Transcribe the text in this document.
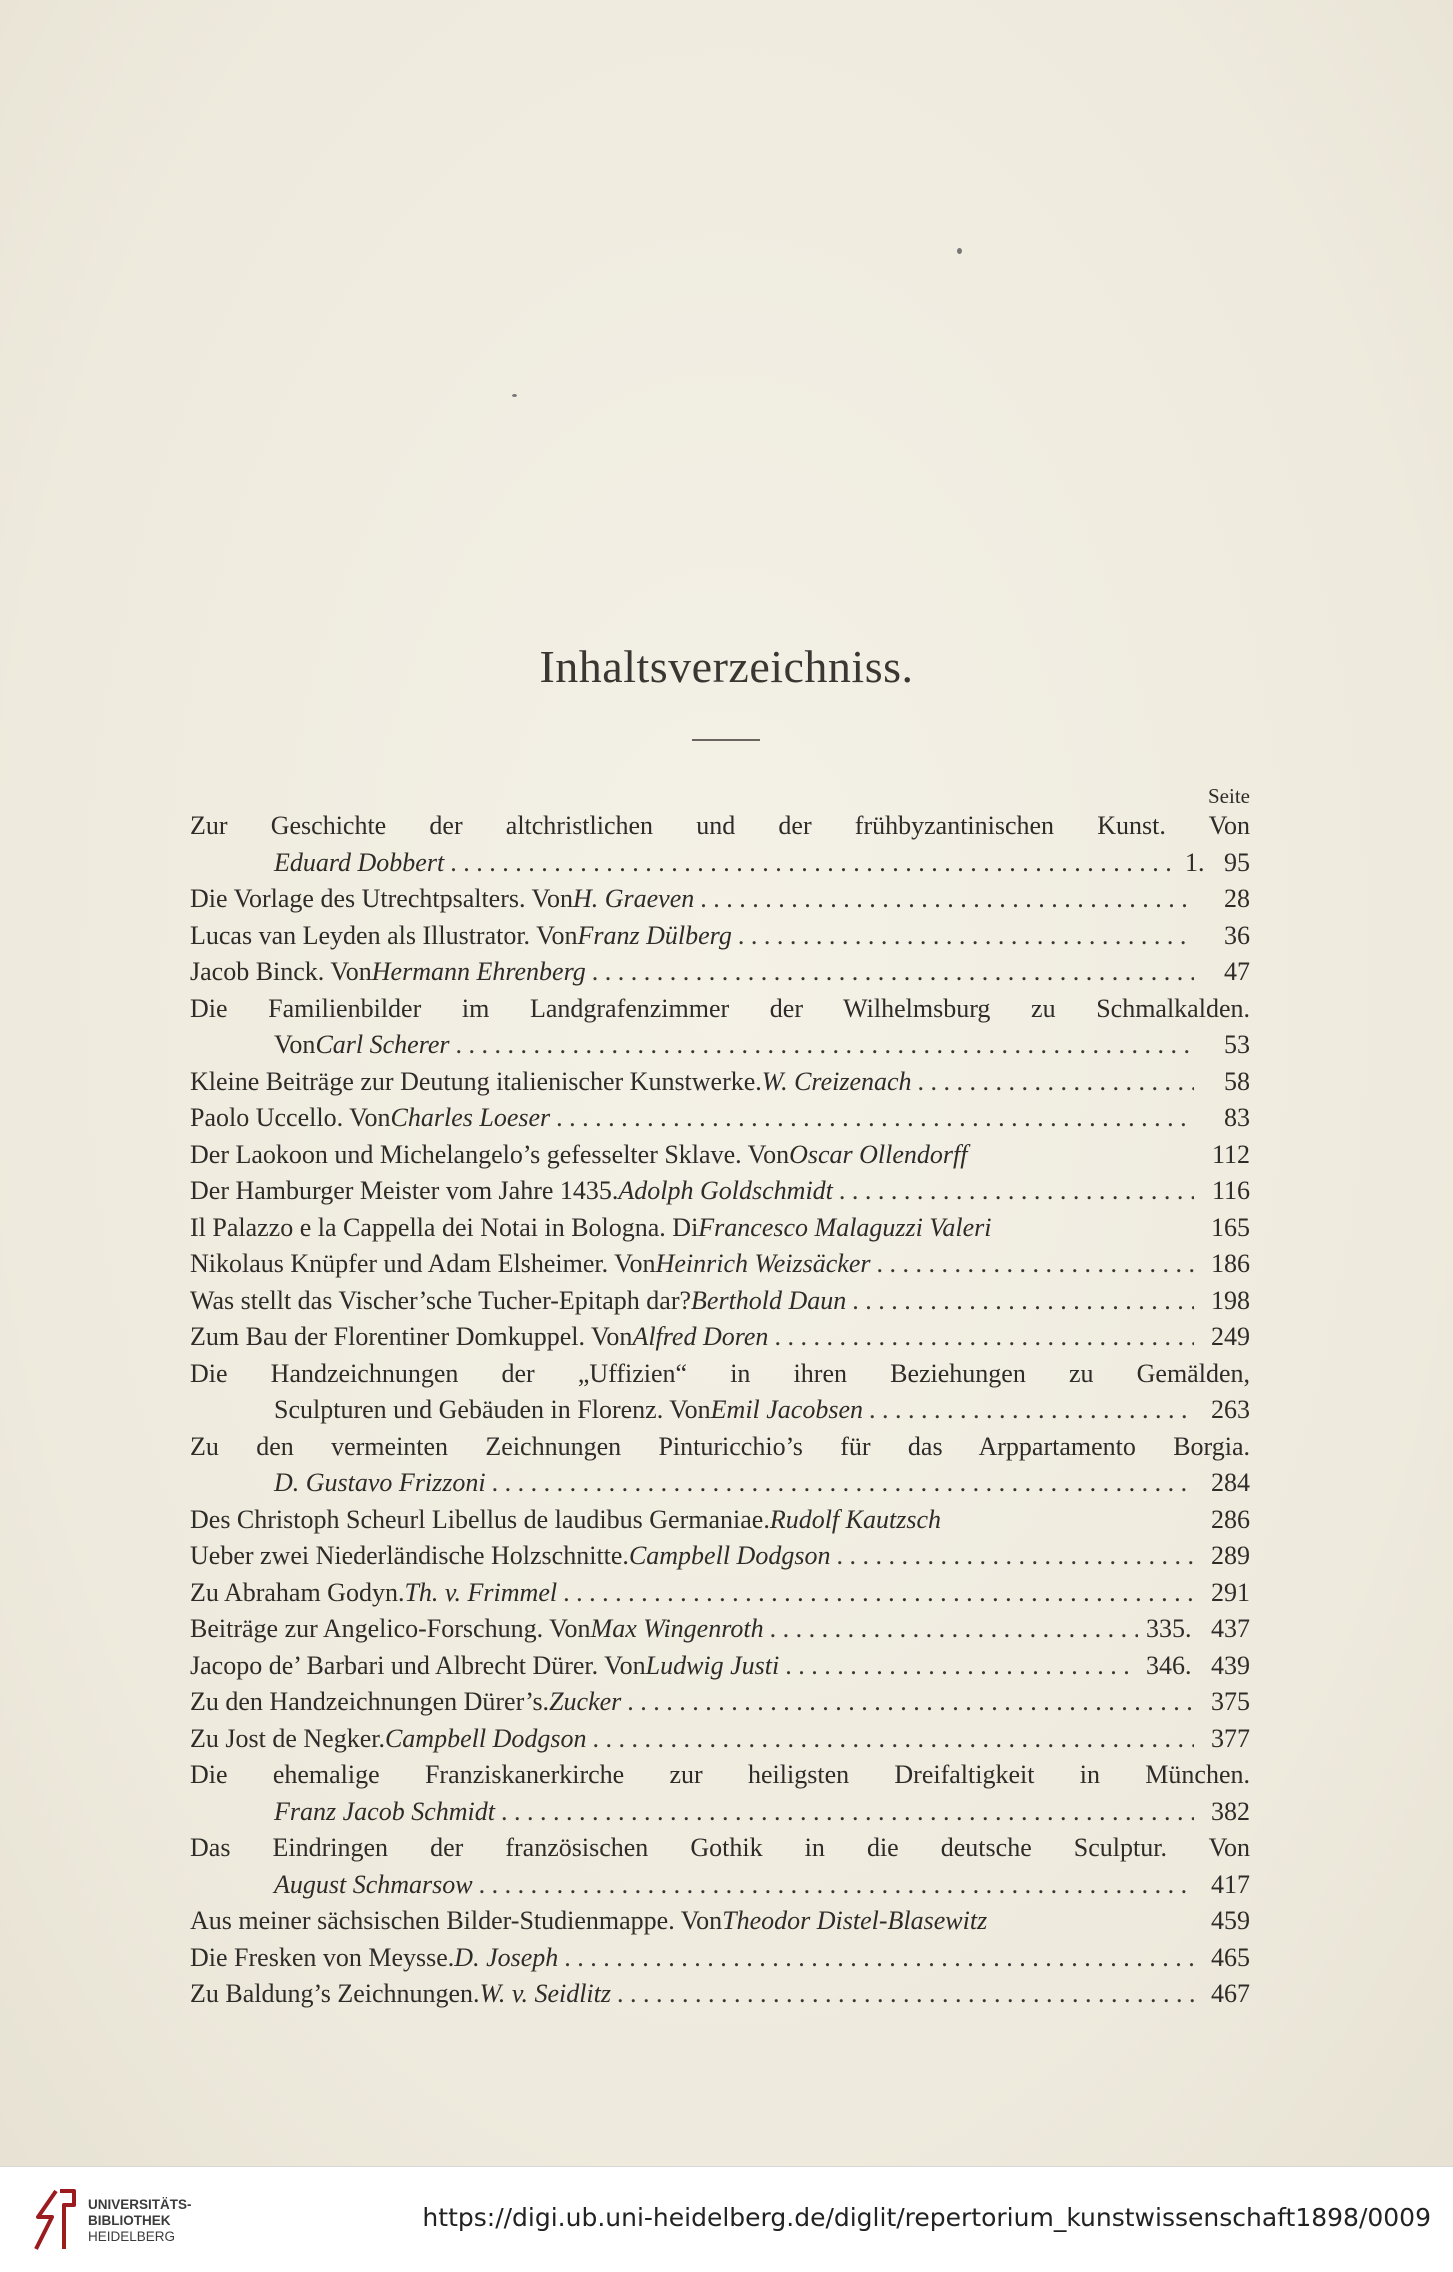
Inhaltsverzeichniss.
Seite
Zur Geschichte der altchristlichen und der frühbyzantinischen Kunst. Von
Eduard Dobbert . . .	1.   95
Die Vorlage des Utrechtpsalters. Von H. Graeven . . .	28
Lucas van Leyden als Illustrator. Von Franz Dülberg . . .	36
Jacob Binck. Von Hermann Ehrenberg . . .	47
Die Familienbilder im Landgrafenzimmer der Wilhelmsburg zu Schmalkalden.
Von Carl Scherer . . .	53
Kleine Beiträge zur Deutung italienischer Kunstwerke. W. Creizenach . . .	58
Paolo Uccello. Von Charles Loeser . . .	83
Der Laokoon und Michelangelo’s gefesselter Sklave. Von Oscar Ollendorff	112
Der Hamburger Meister vom Jahre 1435. Adolph Goldschmidt . . .	116
Il Palazzo e la Cappella dei Notai in Bologna. Di Francesco Malaguzzi Valeri	165
Nikolaus Knüpfer und Adam Elsheimer. Von Heinrich Weizsäcker . . .	186
Was stellt das Vischer’sche Tucher-Epitaph dar? Berthold Daun . . .	198
Zum Bau der Florentiner Domkuppel. Von Alfred Doren . . .	249
Die Handzeichnungen der „Uffizien“ in ihren Beziehungen zu Gemälden,
Sculpturen und Gebäuden in Florenz. Von Emil Jacobsen . . .	263
Zu den vermeinten Zeichnungen Pinturicchio’s für das Arppartamento Borgia.
D. Gustavo Frizzoni . . .	284
Des Christoph Scheurl Libellus de laudibus Germaniae. Rudolf Kautzsch	286
Ueber zwei Niederländische Holzschnitte. Campbell Dodgson . . .	289
Zu Abraham Godyn. Th. v. Frimmel . . .	291
Beiträge zur Angelico-Forschung. Von Max Wingenroth . . .	335.   437
Jacopo de’ Barbari und Albrecht Dürer. Von Ludwig Justi . . .	346.   439
Zu den Handzeichnungen Dürer’s. Zucker . . .	375
Zu Jost de Negker. Campbell Dodgson . . .	377
Die ehemalige Franziskanerkirche zur heiligsten Dreifaltigkeit in München.
Franz Jacob Schmidt . . .	382
Das Eindringen der französischen Gothik in die deutsche Sculptur. Von
August Schmarsow . . .	417
Aus meiner sächsischen Bilder-Studienmappe. Von Theodor Distel-Blasewitz	459
Die Fresken von Meysse. D. Joseph . . .	465
Zu Baldung’s Zeichnungen. W. v. Seidlitz . . .	467
UNIVERSITÄTS-
BIBLIOTHEK
HEIDELBERG
https://digi.ub.uni-heidelberg.de/diglit/repertorium_kunstwissenschaft1898/0009
